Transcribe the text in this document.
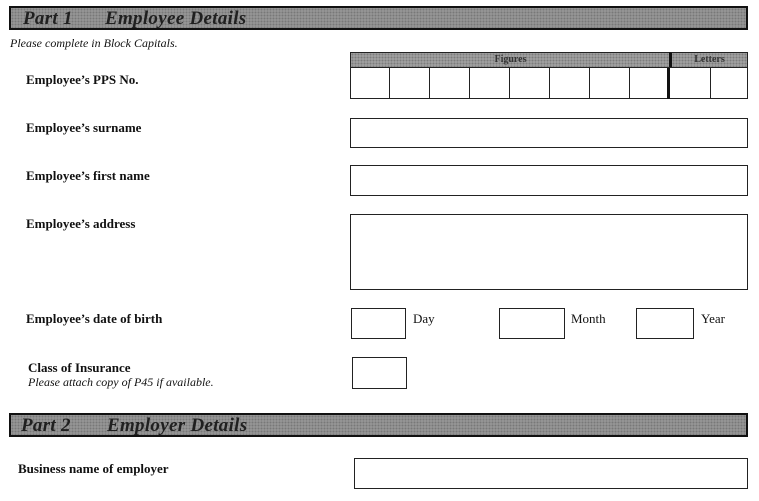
Part 1 Employee Details
Please complete in Block Capitals.
Employee’s PPS No.
Figures	Letters
Employee’s surname
Employee’s first name
Employee’s address
Employee’s date of birth	Day	Month	Year
Class of Insurance
Please attach copy of P45 if available.
Part 2 Employer Details
Business name of employer
